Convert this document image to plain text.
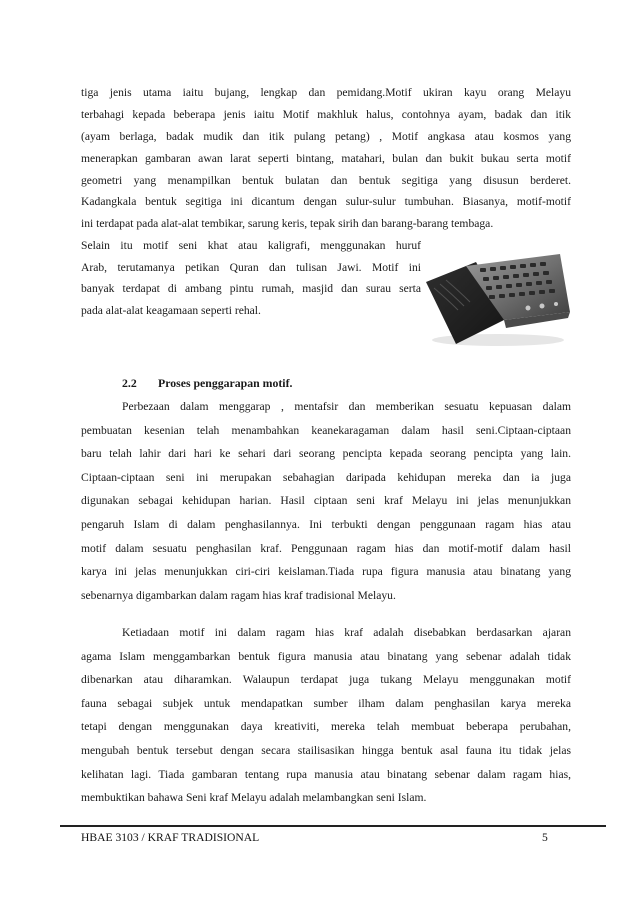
tiga jenis utama iaitu bujang, lengkap dan pemidang.Motif ukiran kayu orang Melayu
terbahagi kepada beberapa jenis iaitu Motif makhluk halus, contohnya ayam, badak dan itik
(ayam berlaga, badak mudik dan itik pulang petang) , Motif angkasa atau kosmos yang
menerapkan gambaran awan larat seperti bintang, matahari, bulan dan bukit bukau serta motif
geometri yang menampilkan bentuk bulatan dan bentuk segitiga yang disusun berderet.
Kadangkala bentuk segitiga ini dicantum dengan sulur-sulur tumbuhan. Biasanya, motif-motif
ini terdapat pada alat-alat tembikar, sarung keris, tepak sirih dan barang-barang tembaga.
Selain itu motif seni khat atau kaligrafi, menggunakan huruf
Arab, terutamanya petikan Quran dan tulisan Jawi. Motif ini
banyak terdapat di ambang pintu rumah, masjid dan surau serta
pada alat-alat keagamaan seperti rehal.
2.2 Proses penggarapan motif.
Perbezaan dalam menggarap , mentafsir dan memberikan sesuatu kepuasan dalam
pembuatan kesenian telah menambahkan keanekaragaman dalam hasil seni.Ciptaan-ciptaan
baru telah lahir dari hari ke sehari dari seorang pencipta kepada seorang pencipta yang lain.
Ciptaan-ciptaan seni ini merupakan sebahagian daripada kehidupan mereka dan ia juga
digunakan sebagai kehidupan harian. Hasil ciptaan seni kraf Melayu ini jelas menunjukkan
pengaruh Islam di dalam penghasilannya. Ini terbukti dengan penggunaan ragam hias atau
motif dalam sesuatu penghasilan kraf. Penggunaan ragam hias dan motif-motif dalam hasil
karya ini jelas menunjukkan ciri-ciri keislaman.Tiada rupa figura manusia atau binatang yang
sebenarnya digambarkan dalam ragam hias kraf tradisional Melayu.
Ketiadaan motif ini dalam ragam hias kraf adalah disebabkan berdasarkan ajaran
agama Islam menggambarkan bentuk figura manusia atau binatang yang sebenar adalah tidak
dibenarkan atau diharamkan. Walaupun terdapat juga tukang Melayu menggunakan motif
fauna sebagai subjek untuk mendapatkan sumber ilham dalam penghasilan karya mereka
tetapi dengan menggunakan daya kreativiti, mereka telah membuat beberapa perubahan,
mengubah bentuk tersebut dengan secara stailisasikan hingga bentuk asal fauna itu tidak jelas
kelihatan lagi. Tiada gambaran tentang rupa manusia atau binatang sebenar dalam ragam hias,
membuktikan bahawa Seni kraf Melayu adalah melambangkan seni Islam.
HBAE 3103 / KRAF TRADISIONAL	5
